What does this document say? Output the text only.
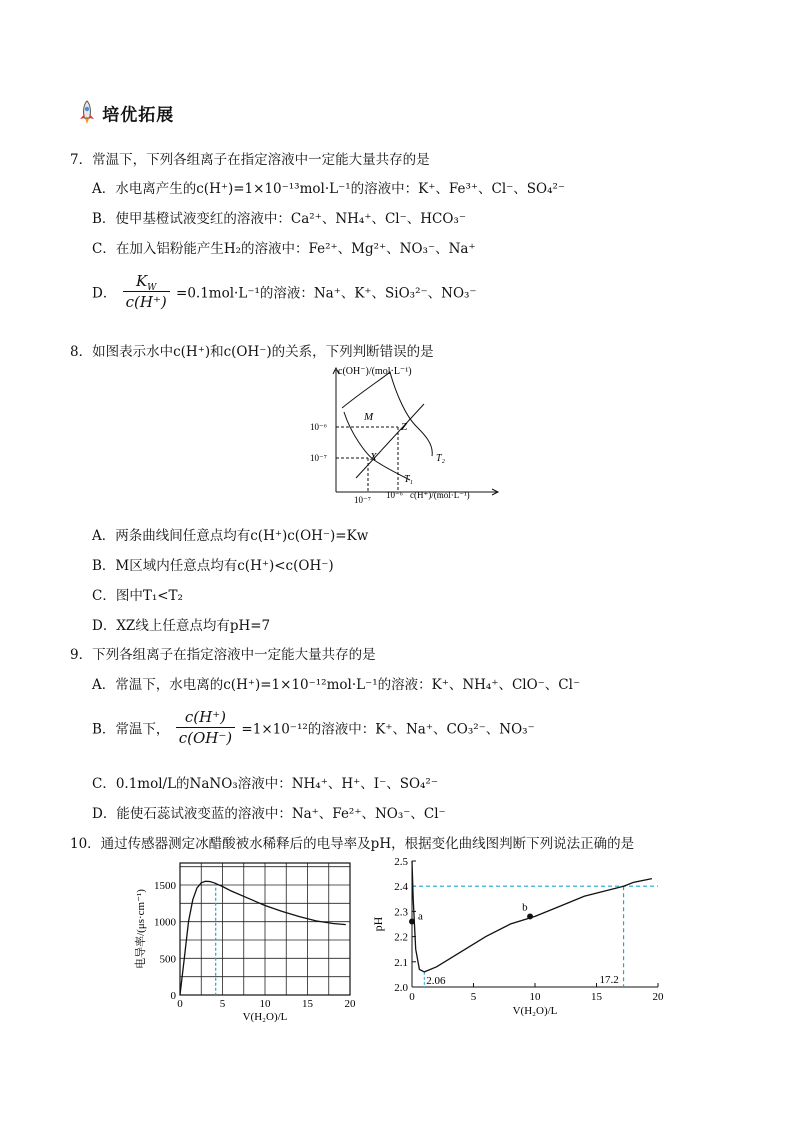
培优拓展
7．常温下，下列各组离子在指定溶液中一定能大量共存的是
A．水电离产生的c(H⁺)=1×10⁻¹³mol·L⁻¹的溶液中：K⁺、Fe³⁺、Cl⁻、SO₄²⁻
B．使甲基橙试液变红的溶液中：Ca²⁺、NH₄⁺、Cl⁻、HCO₃⁻
C．在加入铝粉能产生H₂的溶液中：Fe²⁺、Mg²⁺、NO₃⁻、Na⁺
D． $\frac{K_W}{c(H^+)} =0.1mol\cdot L^{-1}$的溶液：Na⁺、K⁺、SiO₃²⁻、NO₃⁻
8．如图表示水中c(H⁺)和c(OH⁻)的关系，下列判断错误的是
c(OH⁻)/(mol·L⁻¹)
10⁻⁶
10⁻⁷
10⁻⁷ 10⁻⁶ c(H⁺)/(mol·L⁻¹)
M
Z
X
T₁
T₂
A．两条曲线间任意点均有c(H⁺)c(OH⁻)=Kw
B．M区域内任意点均有c(H⁺)<c(OH⁻)
C．图中T₁<T₂
D．XZ线上任意点均有pH=7
9．下列各组离子在指定溶液中一定能大量共存的是
A．常温下，水电离的c(H⁺)=1×10⁻¹²mol·L⁻¹的溶液：K⁺、NH₄⁺、ClO⁻、Cl⁻
B．常温下， $\frac{c(H^+)}{c(OH^-)} =1\times 10^{-12}$的溶液中：K⁺、Na⁺、CO₃²⁻、NO₃⁻
C．0.1mol/L的NaNO₃溶液中：NH₄⁺、H⁺、I⁻、SO₄²⁻
D．能使石蕊试液变蓝的溶液中：Na⁺、Fe²⁺、NO₃⁻、Cl⁻
10．通过传感器测定冰醋酸被水稀释后的电导率及pH，根据变化曲线图判断下列说法正确的是
0	5	10	15	20
0
500
1000
1500
V(H₂O)/L
电导率/(μs·cm⁻¹)
2.0
2.1
2.2
2.3
2.4
2.5
0	5	10	15	20
a
b
2.06	17.2
V(H₂O)/L
pH
